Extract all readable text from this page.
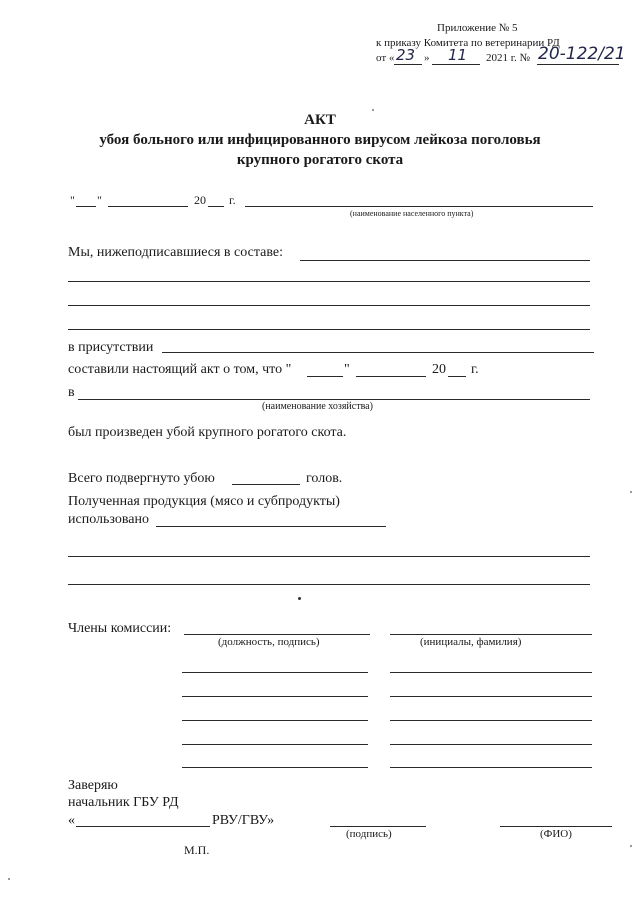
Приложение № 5
к приказу Комитета по ветеринарии РД
от « 23 » 11 2021 г. № 20-122/21
АКТ
убоя больного или инфицированного вирусом лейкоза поголовья
крупного рогатого скота
" "	20 г.
(наименование населенного пункта)
Мы, нижеподписавшиеся в составе:
в присутствии
составили настоящий акт о том, что "	"	20 г.
в
(наименование хозяйства)
был произведен убой крупного рогатого скота.
Всего подвергнуто убою	голов.
Полученная продукция (мясо и субпродукты)
использовано
Члены комиссии:
(должность, подпись)	(инициалы, фамилия)
Заверяю
начальник ГБУ РД
«	РВУ/ГВУ»
(подпись)	(ФИО)
М.П.
